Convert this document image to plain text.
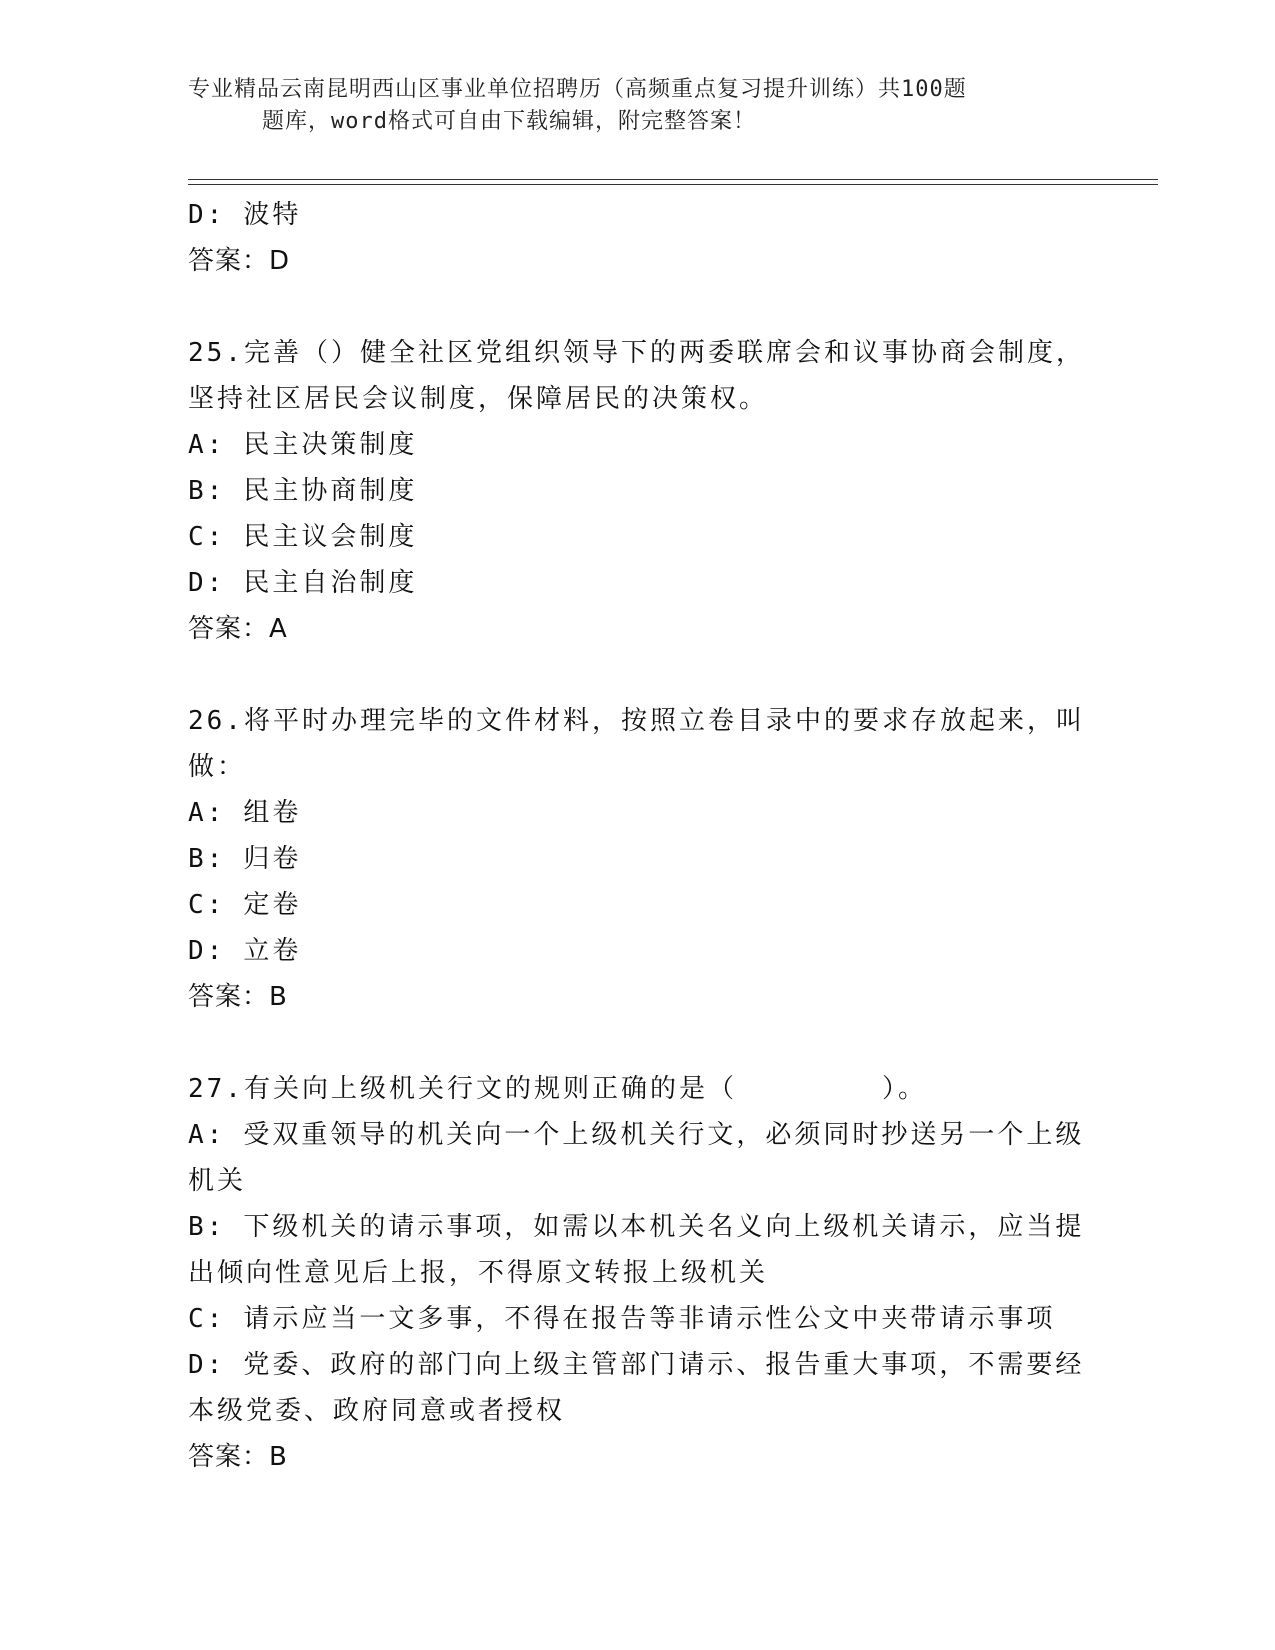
专业精品云南昆明西山区事业单位招聘历（高频重点复习提升训练）共100题
题库，word格式可自由下载编辑，附完整答案！
D: 波特
答案：D
25.完善（）健全社区党组织领导下的两委联席会和议事协商会制度，
坚持社区居民会议制度，保障居民的决策权。
A: 民主决策制度
B: 民主协商制度
C: 民主议会制度
D: 民主自治制度
答案：A
26.将平时办理完毕的文件材料，按照立卷目录中的要求存放起来，叫
做：
A: 组卷
B: 归卷
C: 定卷
D: 立卷
答案：B
27.有关向上级机关行文的规则正确的是（　　　　　）。
A: 受双重领导的机关向一个上级机关行文，必须同时抄送另一个上级
机关
B: 下级机关的请示事项，如需以本机关名义向上级机关请示，应当提
出倾向性意见后上报，不得原文转报上级机关
C: 请示应当一文多事，不得在报告等非请示性公文中夹带请示事项
D: 党委、政府的部门向上级主管部门请示、报告重大事项，不需要经
本级党委、政府同意或者授权
答案：B
